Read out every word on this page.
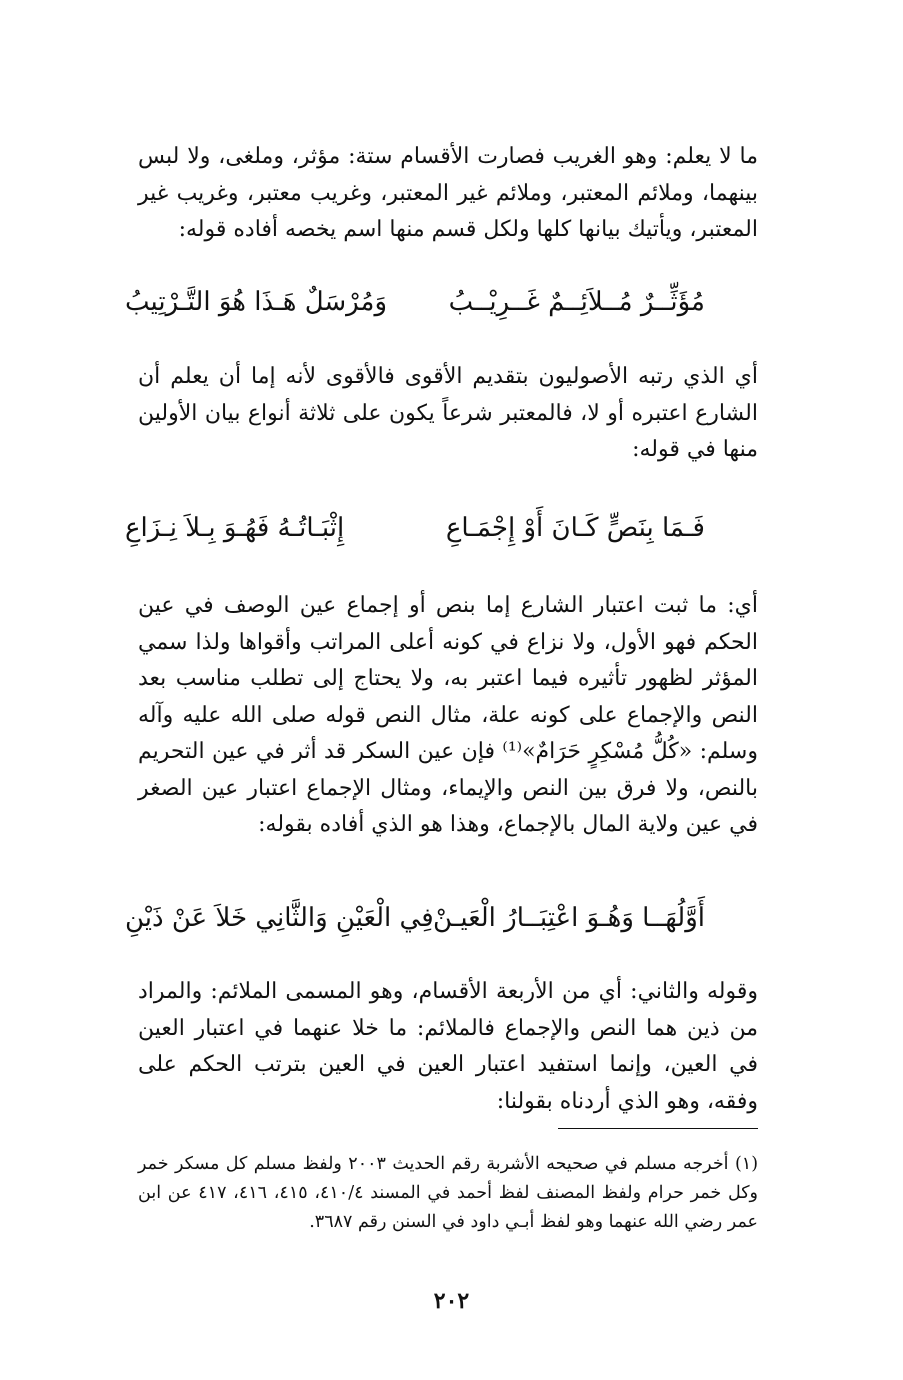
ما لا يعلم: وهو الغريب فصارت الأقسام ستة: مؤثر، وملغى، ولا لبس بينهما، وملائم المعتبر، وملائم غير المعتبر، وغريب معتبر، وغريب غير المعتبر، ويأتيك بيانها كلها ولكل قسم منها اسم يخصه أفاده قوله:

مُؤَثِّــرٌ مُــلاَئِــمٌ غَــرِيْــبُ
وَمُرْسَلٌ هَـذَا هُوَ التَّـرْتِيبُ

أي الذي رتبه الأصوليون بتقديم الأقوى فالأقوى لأنه إما أن يعلم أن الشارع اعتبره أو لا، فالمعتبر شرعاً يكون على ثلاثة أنواع بيان الأولين منها في قوله:

فَـمَا بِنَصٍّ كَـانَ أَوْ إِجْمَـاعِ
إِثْبَـاتُـهُ فَهُـوَ بِـلاَ نِـزَاعِ

أي: ما ثبت اعتبار الشارع إما بنص أو إجماع عين الوصف في عين الحكم فهو الأول، ولا نزاع في كونه أعلى المراتب وأقواها ولذا سمي المؤثر لظهور تأثيره فيما اعتبر به، ولا يحتاج إلى تطلب مناسب بعد النص والإجماع على كونه علة، مثال النص قوله صلى الله عليه وآله وسلم: «كُلُّ مُسْكِرٍ حَرَامٌ»⁽¹⁾ فإن عين السكر قد أثر في عين التحريم بالنص، ولا فرق بين النص والإيماء، ومثال الإجماع اعتبار عين الصغر في عين ولاية المال بالإجماع، وهذا هو الذي أفاده بقوله:

أَوَّلُهَــا وَهُـوَ اعْتِبَــارُ الْعَيـنْ
فِي الْعَيْنِ وَالثَّانِي خَلاَ عَنْ ذَيْنِ

وقوله والثاني: أي من الأربعة الأقسام، وهو المسمى الملائم: والمراد من ذين هما النص والإجماع فالملائم: ما خلا عنهما في اعتبار العين في العين، وإنما استفيد اعتبار العين في العين بترتب الحكم على وفقه، وهو الذي أردناه بقولنا:

(١) أخرجه مسلم في صحيحه الأشربة رقم الحديث ٢٠٠٣ ولفظ مسلم كل مسكر خمر وكل خمر حرام ولفظ المصنف لفظ أحمد في المسند ٤١٠/٤، ٤١٥، ٤١٦، ٤١٧ عن ابن عمر رضي الله عنهما وهو لفظ أبـي داود في السنن رقم ٣٦٨٧.

٢٠٢
